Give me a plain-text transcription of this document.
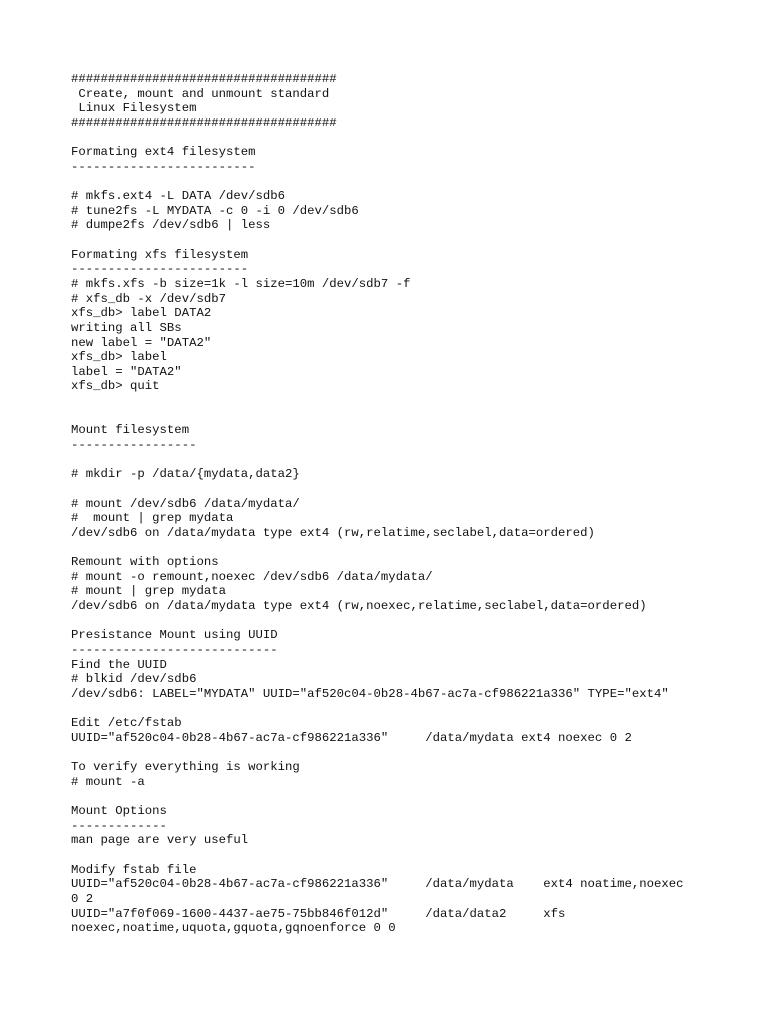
####################################
Create, mount and unmount standard
Linux Filesystem
####################################
Formating ext4 filesystem
-------------------------
# mkfs.ext4 -L DATA /dev/sdb6
# tune2fs -L MYDATA -c 0 -i 0 /dev/sdb6
# dumpe2fs /dev/sdb6 | less
Formating xfs filesystem
------------------------
# mkfs.xfs -b size=1k -l size=10m /dev/sdb7 -f
# xfs_db -x /dev/sdb7
xfs_db> label DATA2
writing all SBs
new label = "DATA2"
xfs_db> label
label = "DATA2"
xfs_db> quit
Mount filesystem
-----------------
# mkdir -p /data/{mydata,data2}
# mount /dev/sdb6 /data/mydata/
#  mount | grep mydata
/dev/sdb6 on /data/mydata type ext4 (rw,relatime,seclabel,data=ordered)
Remount with options
# mount -o remount,noexec /dev/sdb6 /data/mydata/
# mount | grep mydata
/dev/sdb6 on /data/mydata type ext4 (rw,noexec,relatime,seclabel,data=ordered)
Presistance Mount using UUID
----------------------------
Find the UUID
# blkid /dev/sdb6
/dev/sdb6: LABEL="MYDATA" UUID="af520c04-0b28-4b67-ac7a-cf986221a336" TYPE="ext4"
Edit /etc/fstab
UUID="af520c04-0b28-4b67-ac7a-cf986221a336"     /data/mydata ext4 noexec 0 2
To verify everything is working
# mount -a
Mount Options
-------------
man page are very useful
Modify fstab file
UUID="af520c04-0b28-4b67-ac7a-cf986221a336"     /data/mydata    ext4 noatime,noexec
0 2
UUID="a7f0f069-1600-4437-ae75-75bb846f012d"     /data/data2     xfs
noexec,noatime,uquota,gquota,gqnoenforce 0 0
